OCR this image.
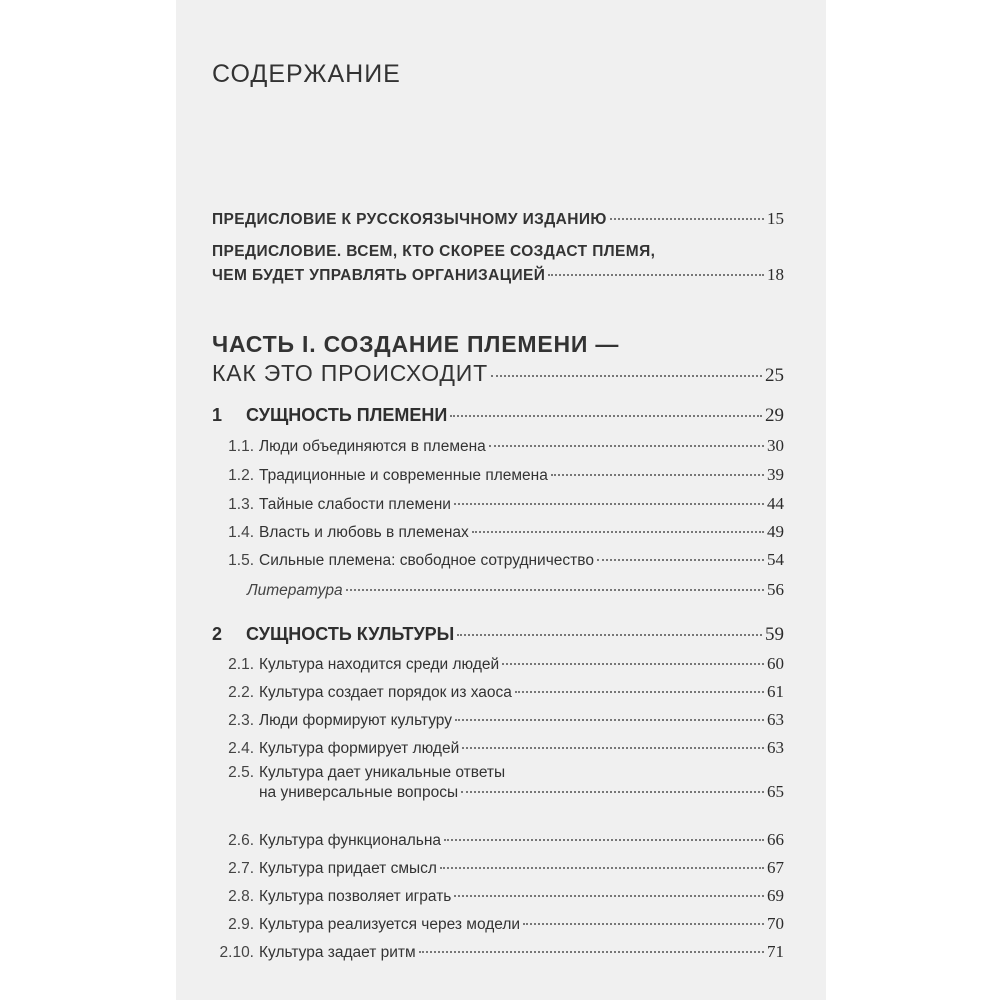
СОДЕРЖАНИЕ
ПРЕДИСЛОВИЕ К РУССКОЯЗЫЧНОМУ ИЗДАНИЮ	15
ПРЕДИСЛОВИЕ. ВСЕМ, КТО СКОРЕЕ СОЗДАСТ ПЛЕМЯ,
ЧЕМ БУДЕТ УПРАВЛЯТЬ ОРГАНИЗАЦИЕЙ	18
ЧАСТЬ I. СОЗДАНИЕ ПЛЕМЕНИ —
КАК ЭТО ПРОИСХОДИТ	25
1 СУЩНОСТЬ ПЛЕМЕНИ	29
1.1. Люди объединяются в племена	30
1.2. Традиционные и современные племена	39
1.3. Тайные слабости племени	44
1.4. Власть и любовь в племенах	49
1.5. Сильные племена: свободное сотрудничество	54
Литература	56
2 СУЩНОСТЬ КУЛЬТУРЫ	59
2.1. Культура находится среди людей	60
2.2. Культура создает порядок из хаоса	61
2.3. Люди формируют культуру	63
2.4. Культура формирует людей	63
2.5. Культура дает уникальные ответы
на универсальные вопросы	65
2.6. Культура функциональна	66
2.7. Культура придает смысл	67
2.8. Культура позволяет играть	69
2.9. Культура реализуется через модели	70
2.10. Культура задает ритм	71
